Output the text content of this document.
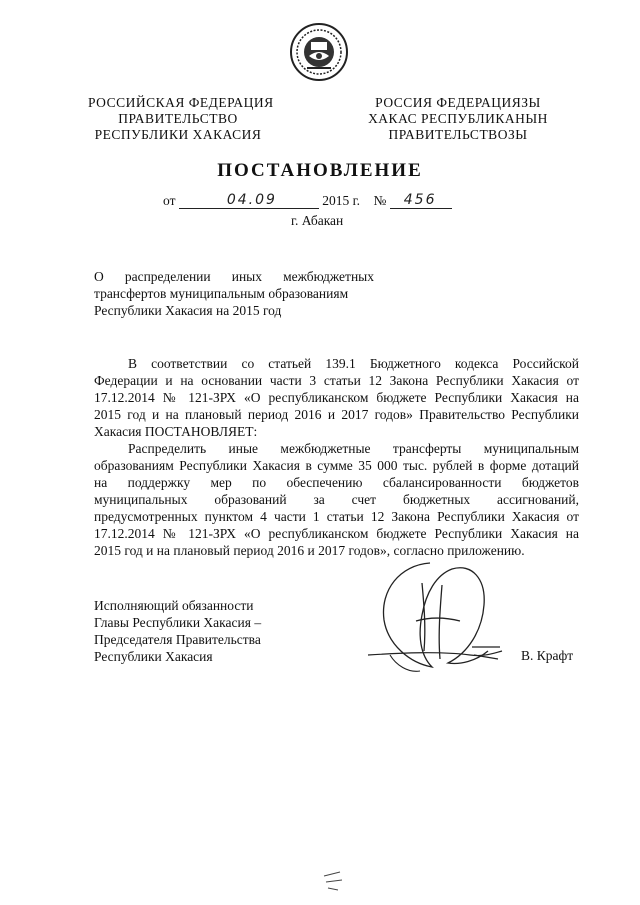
РОССИЙСКАЯ ФЕДЕРАЦИЯ
ПРАВИТЕЛЬСТВО
РЕСПУБЛИКИ ХАКАСИЯ
РОССИЯ ФЕДЕРАЦИЯЗЫ
ХАКАС РЕСПУБЛИКАНЫН
ПРАВИТЕЛЬСТВОЗЫ
ПОСТАНОВЛЕНИЕ
от	04.09	2015 г. № 456
г. Абакан
О распределении иных межбюджетных
трансфертов муниципальным образованиям
Республики Хакасия на 2015 год
В соответствии со статьей 139.1 Бюджетного кодекса Российской
Федерации и на основании части 3 статьи 12 Закона Республики Хакасия от
17.12.2014 № 121-ЗРХ «О республиканском бюджете Республики Хакасия на
2015 год и на плановый период 2016 и 2017 годов» Правительство Республики
Хакасия ПОСТАНОВЛЯЕТ:
Распределить иные межбюджетные трансферты муниципальным
образованиям Республики Хакасия в сумме 35 000 тыс. рублей в форме дотаций
на поддержку мер по обеспечению сбалансированности бюджетов
муниципальных образований за счет бюджетных ассигнований,
предусмотренных пунктом 4 части 1 статьи 12 Закона Республики Хакасия от
17.12.2014 № 121-ЗРХ «О республиканском бюджете Республики Хакасия на
2015 год и на плановый период 2016 и 2017 годов», согласно приложению.
Исполняющий обязанности
Главы Республики Хакасия –
Председателя Правительства
Республики Хакасия	В. Крафт
